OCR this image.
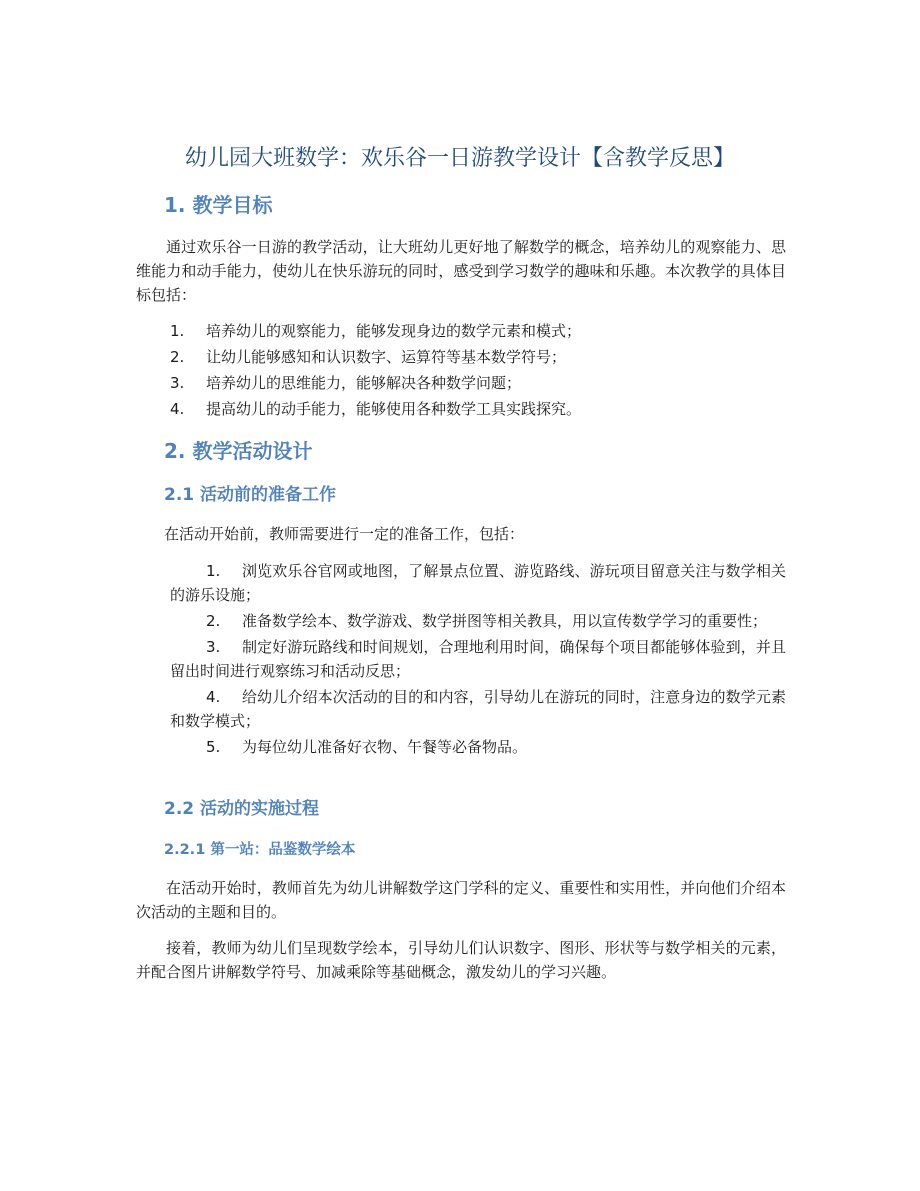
幼儿园大班数学：欢乐谷一日游教学设计【含教学反思】
1. 教学目标

通过欢乐谷一日游的教学活动，让大班幼儿更好地了解数学的概念，培养幼儿的观察能力、思维能力和动手能力，使幼儿在快乐游玩的同时，感受到学习数学的趣味和乐趣。本次教学的具体目标包括：

1. 培养幼儿的观察能力，能够发现身边的数学元素和模式；
2. 让幼儿能够感知和认识数字、运算符等基本数学符号；
3. 培养幼儿的思维能力，能够解决各种数学问题；
4. 提高幼儿的动手能力，能够使用各种数学工具实践探究。
2. 教学活动设计
2.1 活动前的准备工作

在活动开始前，教师需要进行一定的准备工作，包括：

1. 浏览欢乐谷官网或地图，了解景点位置、游览路线、游玩项目留意关注与数学相关的游乐设施；
2. 准备数学绘本、数学游戏、数学拼图等相关教具，用以宣传数学学习的重要性；
3. 制定好游玩路线和时间规划，合理地利用时间，确保每个项目都能够体验到，并且留出时间进行观察练习和活动反思；
4. 给幼儿介绍本次活动的目的和内容，引导幼儿在游玩的同时，注意身边的数学元素和数学模式；
5. 为每位幼儿准备好衣物、午餐等必备物品。
2.2 活动的实施过程
2.2.1 第一站：品鉴数学绘本

在活动开始时，教师首先为幼儿讲解数学这门学科的定义、重要性和实用性，并向他们介绍本次活动的主题和目的。

接着，教师为幼儿们呈现数学绘本，引导幼儿们认识数字、图形、形状等与数学相关的元素，并配合图片讲解数学符号、加减乘除等基础概念，激发幼儿的学习兴趣。
